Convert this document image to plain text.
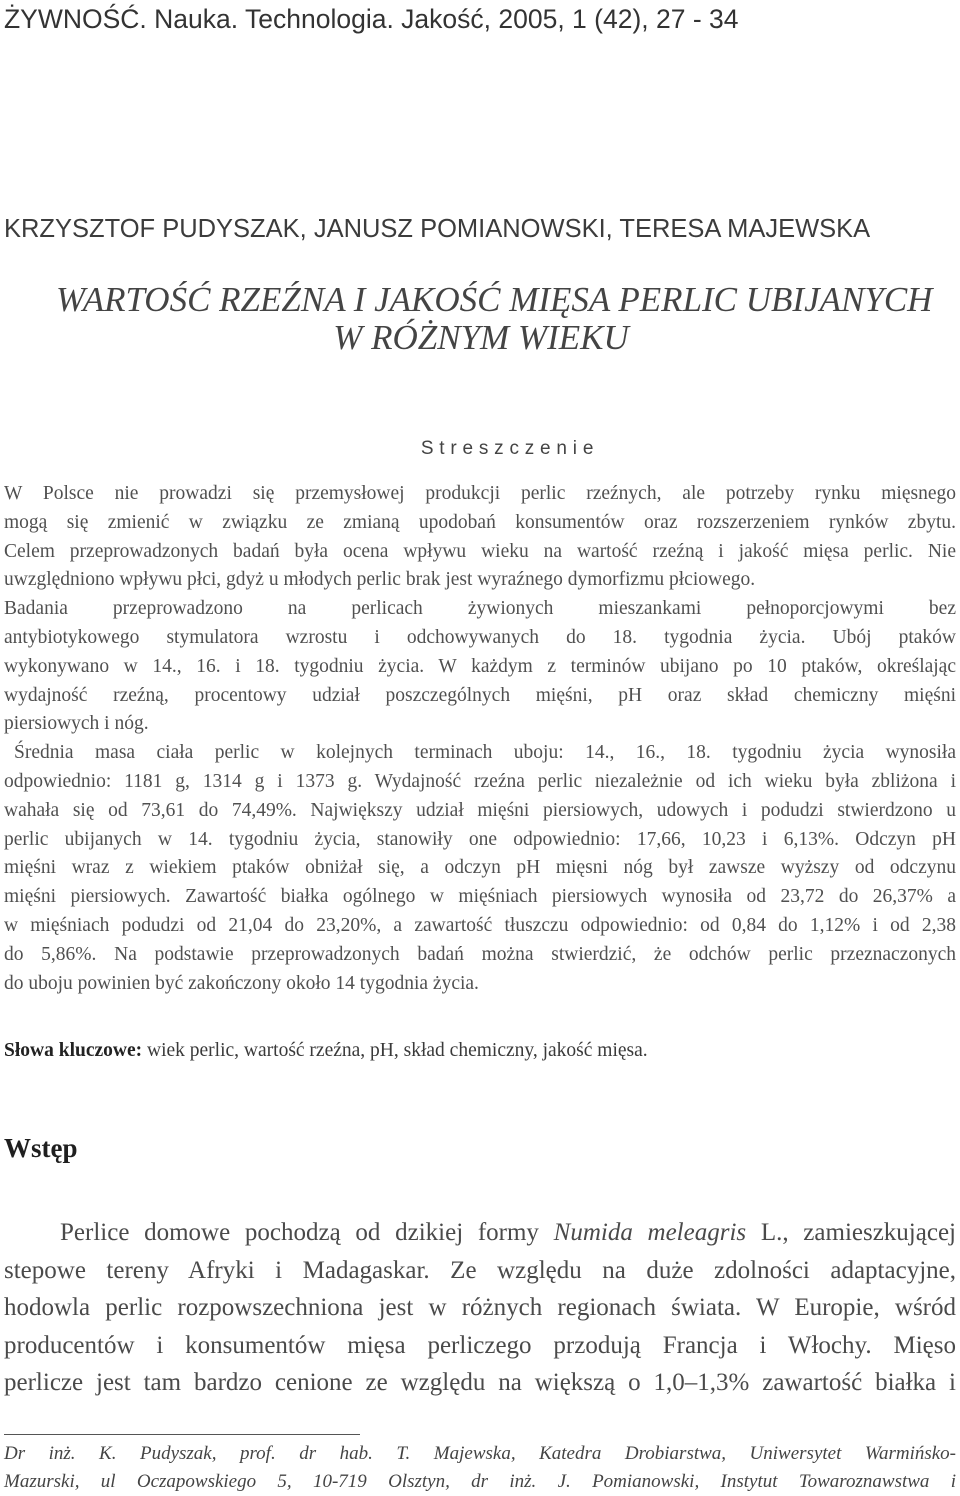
ŻYWNOŚĆ. Nauka. Technologia. Jakość, 2005, 1 (42), 27 - 34
KRZYSZTOF PUDYSZAK, JANUSZ POMIANOWSKI, TERESA MAJEWSKA
WARTOŚĆ RZEŹNA I JAKOŚĆ MIĘSA PERLIC UBIJANYCH
W RÓŻNYM WIEKU
Streszczenie

W Polsce nie prowadzi się przemysłowej produkcji perlic rzeźnych, ale potrzeby rynku mięsnego

mogą się zmienić w związku ze zmianą upodobań konsumentów oraz rozszerzeniem rynków zbytu.

Celem przeprowadzonych badań była ocena wpływu wieku na wartość rzeźną i jakość mięsa perlic. Nie

uwzględniono wpływu płci, gdyż u młodych perlic brak jest wyraźnego dymorfizmu płciowego.

Badania przeprowadzono na perlicach żywionych mieszankami pełnoporcjowymi bez

antybiotykowego stymulatora wzrostu i odchowywanych do 18. tygodnia życia. Ubój ptaków

wykonywano w 14., 16. i 18. tygodniu życia. W każdym z terminów ubijano po 10 ptaków, określając

wydajność rzeźną, procentowy udział poszczególnych mięśni, pH oraz skład chemiczny mięśni

piersiowych i nóg.

Średnia masa ciała perlic w kolejnych terminach uboju: 14., 16., 18. tygodniu życia wynosiła

odpowiednio: 1181 g, 1314 g i 1373 g. Wydajność rzeźna perlic niezależnie od ich wieku była zbliżona i

wahała się od 73,61 do 74,49%. Największy udział mięśni piersiowych, udowych i podudzi stwierdzono u

perlic ubijanych w 14. tygodniu życia, stanowiły one odpowiednio: 17,66, 10,23 i 6,13%. Odczyn pH

mięśni wraz z wiekiem ptaków obniżał się, a odczyn pH mięsni nóg był zawsze wyższy od odczynu

mięśni piersiowych. Zawartość białka ogólnego w mięśniach piersiowych wynosiła od 23,72 do 26,37% a

w mięśniach podudzi od 21,04 do 23,20%, a zawartość tłuszczu odpowiednio: od 0,84 do 1,12% i od 2,38

do 5,86%. Na podstawie przeprowadzonych badań można stwierdzić, że odchów perlic przeznaczonych

do uboju powinien być zakończony około 14 tygodnia życia.

Słowa kluczowe: wiek perlic, wartość rzeźna, pH, skład chemiczny, jakość mięsa.
Wstęp
Perlice domowe pochodzą od dzikiej formy Numida meleagris L., zamieszkującej
stepowe tereny Afryki i Madagaskar. Ze względu na duże zdolności adaptacyjne,
hodowla perlic rozpowszechniona jest w różnych regionach świata. W Europie, wśród
producentów i konsumentów mięsa perliczego przodują Francja i Włochy. Mięso
perlicze jest tam bardzo cenione ze względu na większą o 1,0–1,3% zawartość białka i
Dr inż. K. Pudyszak, prof. dr hab. T. Majewska, Katedra Drobiarstwa, Uniwersytet Warmińsko-
Mazurski, ul Oczapowskiego 5, 10-719 Olsztyn, dr inż. J. Pomianowski, Instytut Towaroznawstwa i
